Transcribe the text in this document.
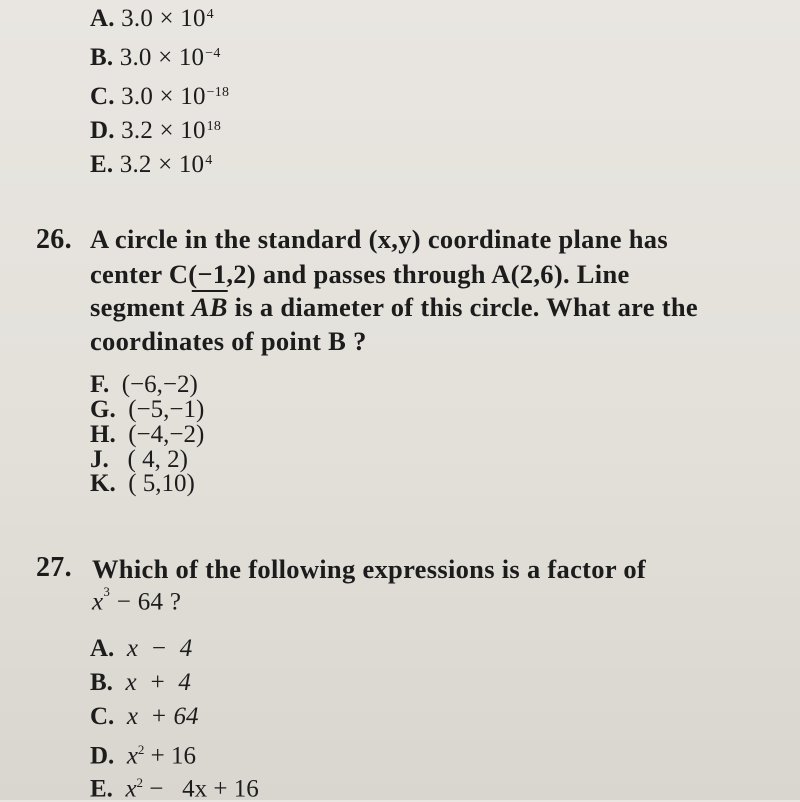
A. $3.0 \times 10^4$
B. $3.0 \times 10^{-4}$
C. $3.0 \times 10^{-18}$
D. $3.2 \times 10^{18}$
E. $3.2 \times 10^4$
26. A circle in the standard (x,y) coordinate plane has
center C(−1,2) and passes through A(2,6). Line
segment $\overline{AB}$ is a diameter of this circle. What are the
coordinates of point B ?
F. (−6,−2)
G. (−5,−1)
H. (−4,−2)
J. ( 4, 2)
K. ( 5,10)
27. Which of the following expressions is a factor of
$x^3 - 64$ ?
A. x  −  4
B. x  +  4
C. x  + 64
D. $x^2 + 16$
E. $x^2 - 4x + 16$
